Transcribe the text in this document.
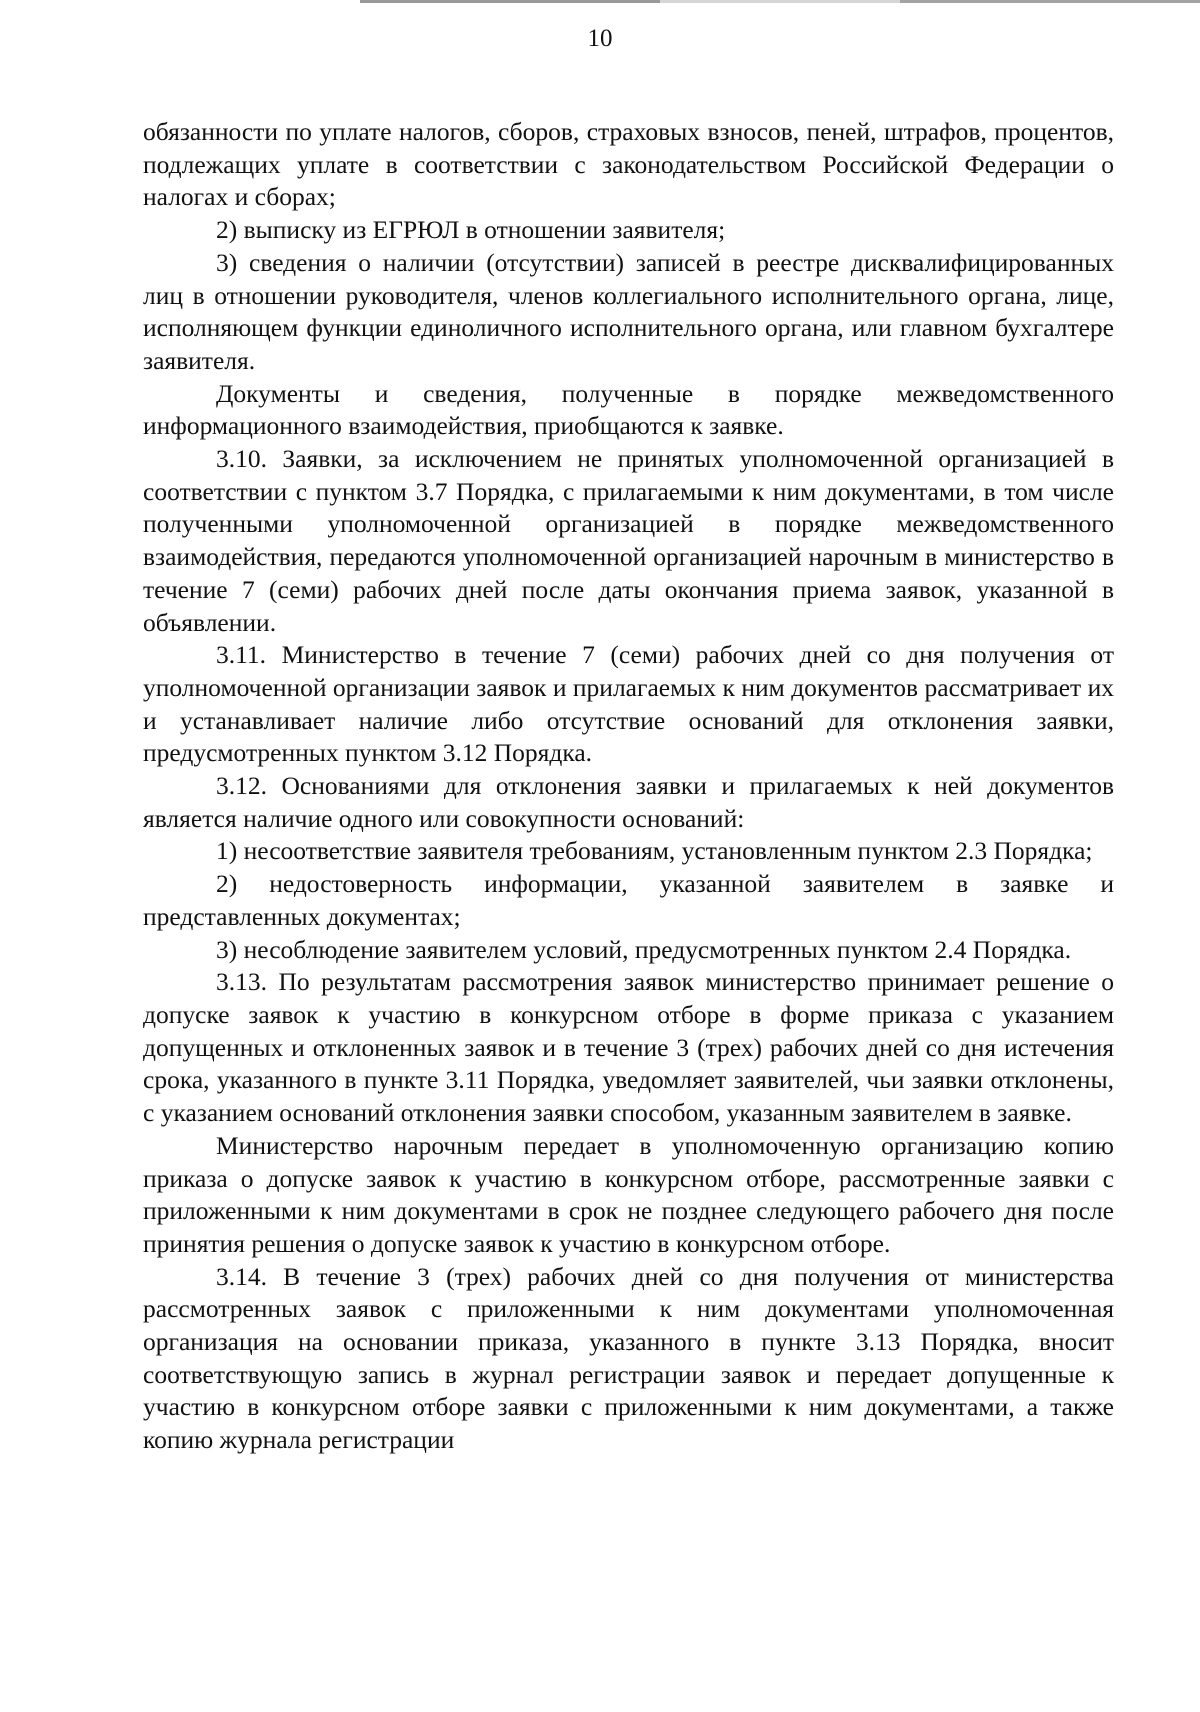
10

обязанности по уплате налогов, сборов, страховых взносов, пеней, штрафов, процентов, подлежащих уплате в соответствии с законодательством Российской Федерации о налогах и сборах;

2) выписку из ЕГРЮЛ в отношении заявителя;

3) сведения о наличии (отсутствии) записей в реестре дисквалифицированных лиц в отношении руководителя, членов коллегиального исполнительного органа, лице, исполняющем функции единоличного исполнительного органа, или главном бухгалтере заявителя.

Документы и сведения, полученные в порядке межведомственного информационного взаимодействия, приобщаются к заявке.

3.10. Заявки, за исключением не принятых уполномоченной организацией в соответствии с пунктом 3.7 Порядка, с прилагаемыми к ним документами, в том числе полученными уполномоченной организацией в порядке межведомственного взаимодействия, передаются уполномоченной организацией нарочным в министерство в течение 7 (семи) рабочих дней после даты окончания приема заявок, указанной в объявлении.

3.11. Министерство в течение 7 (семи) рабочих дней со дня получения от уполномоченной организации заявок и прилагаемых к ним документов рассматривает их и устанавливает наличие либо отсутствие оснований для отклонения заявки, предусмотренных пунктом 3.12 Порядка.

3.12. Основаниями для отклонения заявки и прилагаемых к ней документов является наличие одного или совокупности оснований:

1) несоответствие заявителя требованиям, установленным пунктом 2.3 Порядка;

2) недостоверность информации, указанной заявителем в заявке и представленных документах;

3) несоблюдение заявителем условий, предусмотренных пунктом 2.4 Порядка.

3.13. По результатам рассмотрения заявок министерство принимает решение о допуске заявок к участию в конкурсном отборе в форме приказа с указанием допущенных и отклоненных заявок и в течение 3 (трех) рабочих дней со дня истечения срока, указанного в пункте 3.11 Порядка, уведомляет заявителей, чьи заявки отклонены, с указанием оснований отклонения заявки способом, указанным заявителем в заявке.

Министерство нарочным передает в уполномоченную организацию копию приказа о допуске заявок к участию в конкурсном отборе, рассмотренные заявки с приложенными к ним документами в срок не позднее следующего рабочего дня после принятия решения о допуске заявок к участию в конкурсном отборе.

3.14. В течение 3 (трех) рабочих дней со дня получения от министерства рассмотренных заявок с приложенными к ним документами уполномоченная организация на основании приказа, указанного в пункте 3.13 Порядка, вносит соответствующую запись в журнал регистрации заявок и передает допущенные к участию в конкурсном отборе заявки с приложенными к ним документами, а также копию журнала регистрации
